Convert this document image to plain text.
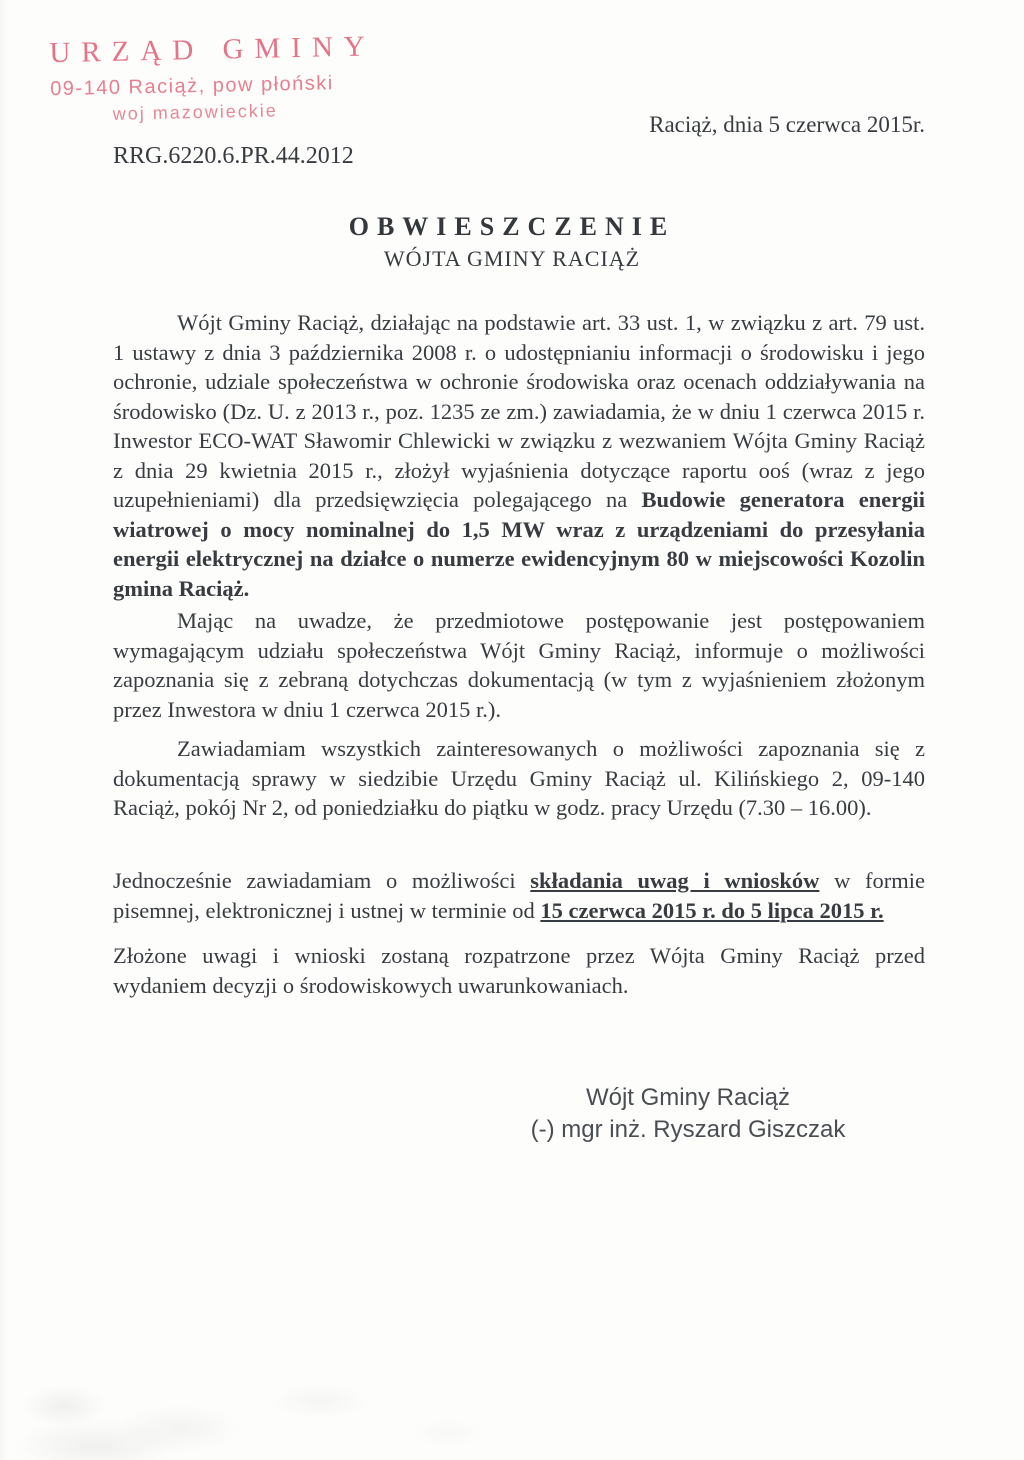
URZĄD GMINY
09-140 Raciąż, pow płoński
woj mazowieckie	Raciąż, dnia 5 czerwca 2015r.
RRG.6220.6.PR.44.2012
OBWIESZCZENIE
WÓJTA GMINY RACIĄŻ
Wójt Gminy Raciąż, działając na podstawie art. 33 ust. 1, w związku z art. 79 ust. 1 ustawy z dnia 3 października 2008 r. o udostępnianiu informacji o środowisku i jego ochronie, udziale społeczeństwa w ochronie środowiska oraz ocenach oddziaływania na środowisko (Dz. U. z 2013 r., poz. 1235 ze zm.) zawiadamia, że w dniu 1 czerwca 2015 r. Inwestor ECO-WAT Sławomir Chlewicki w związku z wezwaniem Wójta Gminy Raciąż z dnia 29 kwietnia 2015 r., złożył wyjaśnienia dotyczące raportu ooś (wraz z jego uzupełnieniami) dla przedsięwzięcia polegającego na Budowie generatora energii wiatrowej o mocy nominalnej do 1,5 MW wraz z urządzeniami do przesyłania energii elektrycznej na działce o numerze ewidencyjnym 80 w miejscowości Kozolin gmina Raciąż.
Mając na uwadze, że przedmiotowe postępowanie jest postępowaniem wymagającym udziału społeczeństwa Wójt Gminy Raciąż, informuje o możliwości zapoznania się z zebraną dotychczas dokumentacją (w tym z wyjaśnieniem złożonym przez Inwestora w dniu 1 czerwca 2015 r.).
Zawiadamiam wszystkich zainteresowanych o możliwości zapoznania się z dokumentacją sprawy w siedzibie Urzędu Gminy Raciąż ul. Kilińskiego 2, 09-140 Raciąż, pokój Nr 2, od poniedziałku do piątku w godz. pracy Urzędu (7.30 – 16.00).
Jednocześnie zawiadamiam o możliwości składania uwag i wniosków w formie pisemnej, elektronicznej i ustnej w terminie od 15 czerwca 2015 r. do 5 lipca 2015 r.
Złożone uwagi i wnioski zostaną rozpatrzone przez Wójta Gminy Raciąż przed wydaniem decyzji o środowiskowych uwarunkowaniach.
Wójt Gminy Raciąż
(-) mgr inż. Ryszard Giszczak
